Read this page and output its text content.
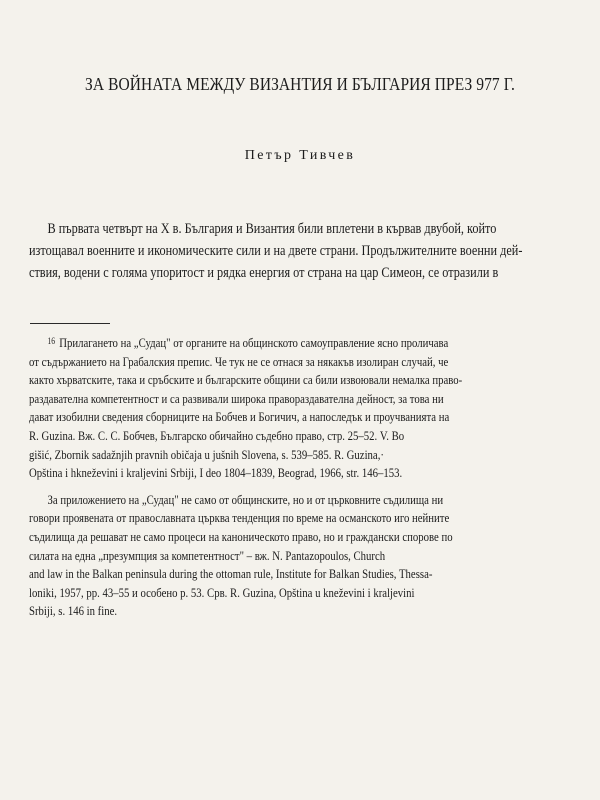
ЗА ВОЙНАТА МЕЖДУ ВИЗАНТИЯ И БЪЛГАРИЯ ПРЕЗ 977 Г.

Петър Тивчев

В първата четвърт на X в. България и Византия били вплетени в кървав двубой, който
изтощавал военните и икономическите сили и на двете страни. Продължителните военни дей-
ствия, водени с голяма упоритост и рядка енергия от страна на цар Симеон, се отразили в
$^{16}$ Прилагането на „Судац" от органите на общинското самоуправление ясно проличава
от съдържанието на Грабалския препис. Че тук не се отнася за някакъв изолиран случай, че
както хърватските, така и сръбските и българските общини са били извоювали немалка право-
раздавателна компетентност и са развивали широка правораздавателна дейност, за това ни
дават изобилни сведения сборниците на Бобчев и Богичич, а напоследък и проучванията на
R. Guzina. Вж. С. С. Бобчев, Българско обичайно съдебно право, стр. 25–52. V. Bo
gišić, Zbornik sadažnjih pravnih običaja u jušnih Slovena, s. 539–585. R. Guzina,·
Opština i hkneževini i kraljevini Srbiji, I deo 1804–1839, Beograd, 1966, str. 146–153.
За приложението на „Судац" не само от общинските, но и от църковните съдилища ни
говори проявената от православната църква тенденция по време на османското иго нейните
съдилища да решават не само процеси на каноническото право, но и граждански спорове по
силата на една „презумпция за компетентност" – вж. N. Pantazopoulos, Church
and law in the Balkan peninsula during the ottoman rule, Institute for Balkan Studies, Thessa-
loniki, 1957, pp. 43–55 и особено p. 53. Срв. R. Guzina, Opština u kneževini i kraljevini
Srbiji, s. 146 in fine.
